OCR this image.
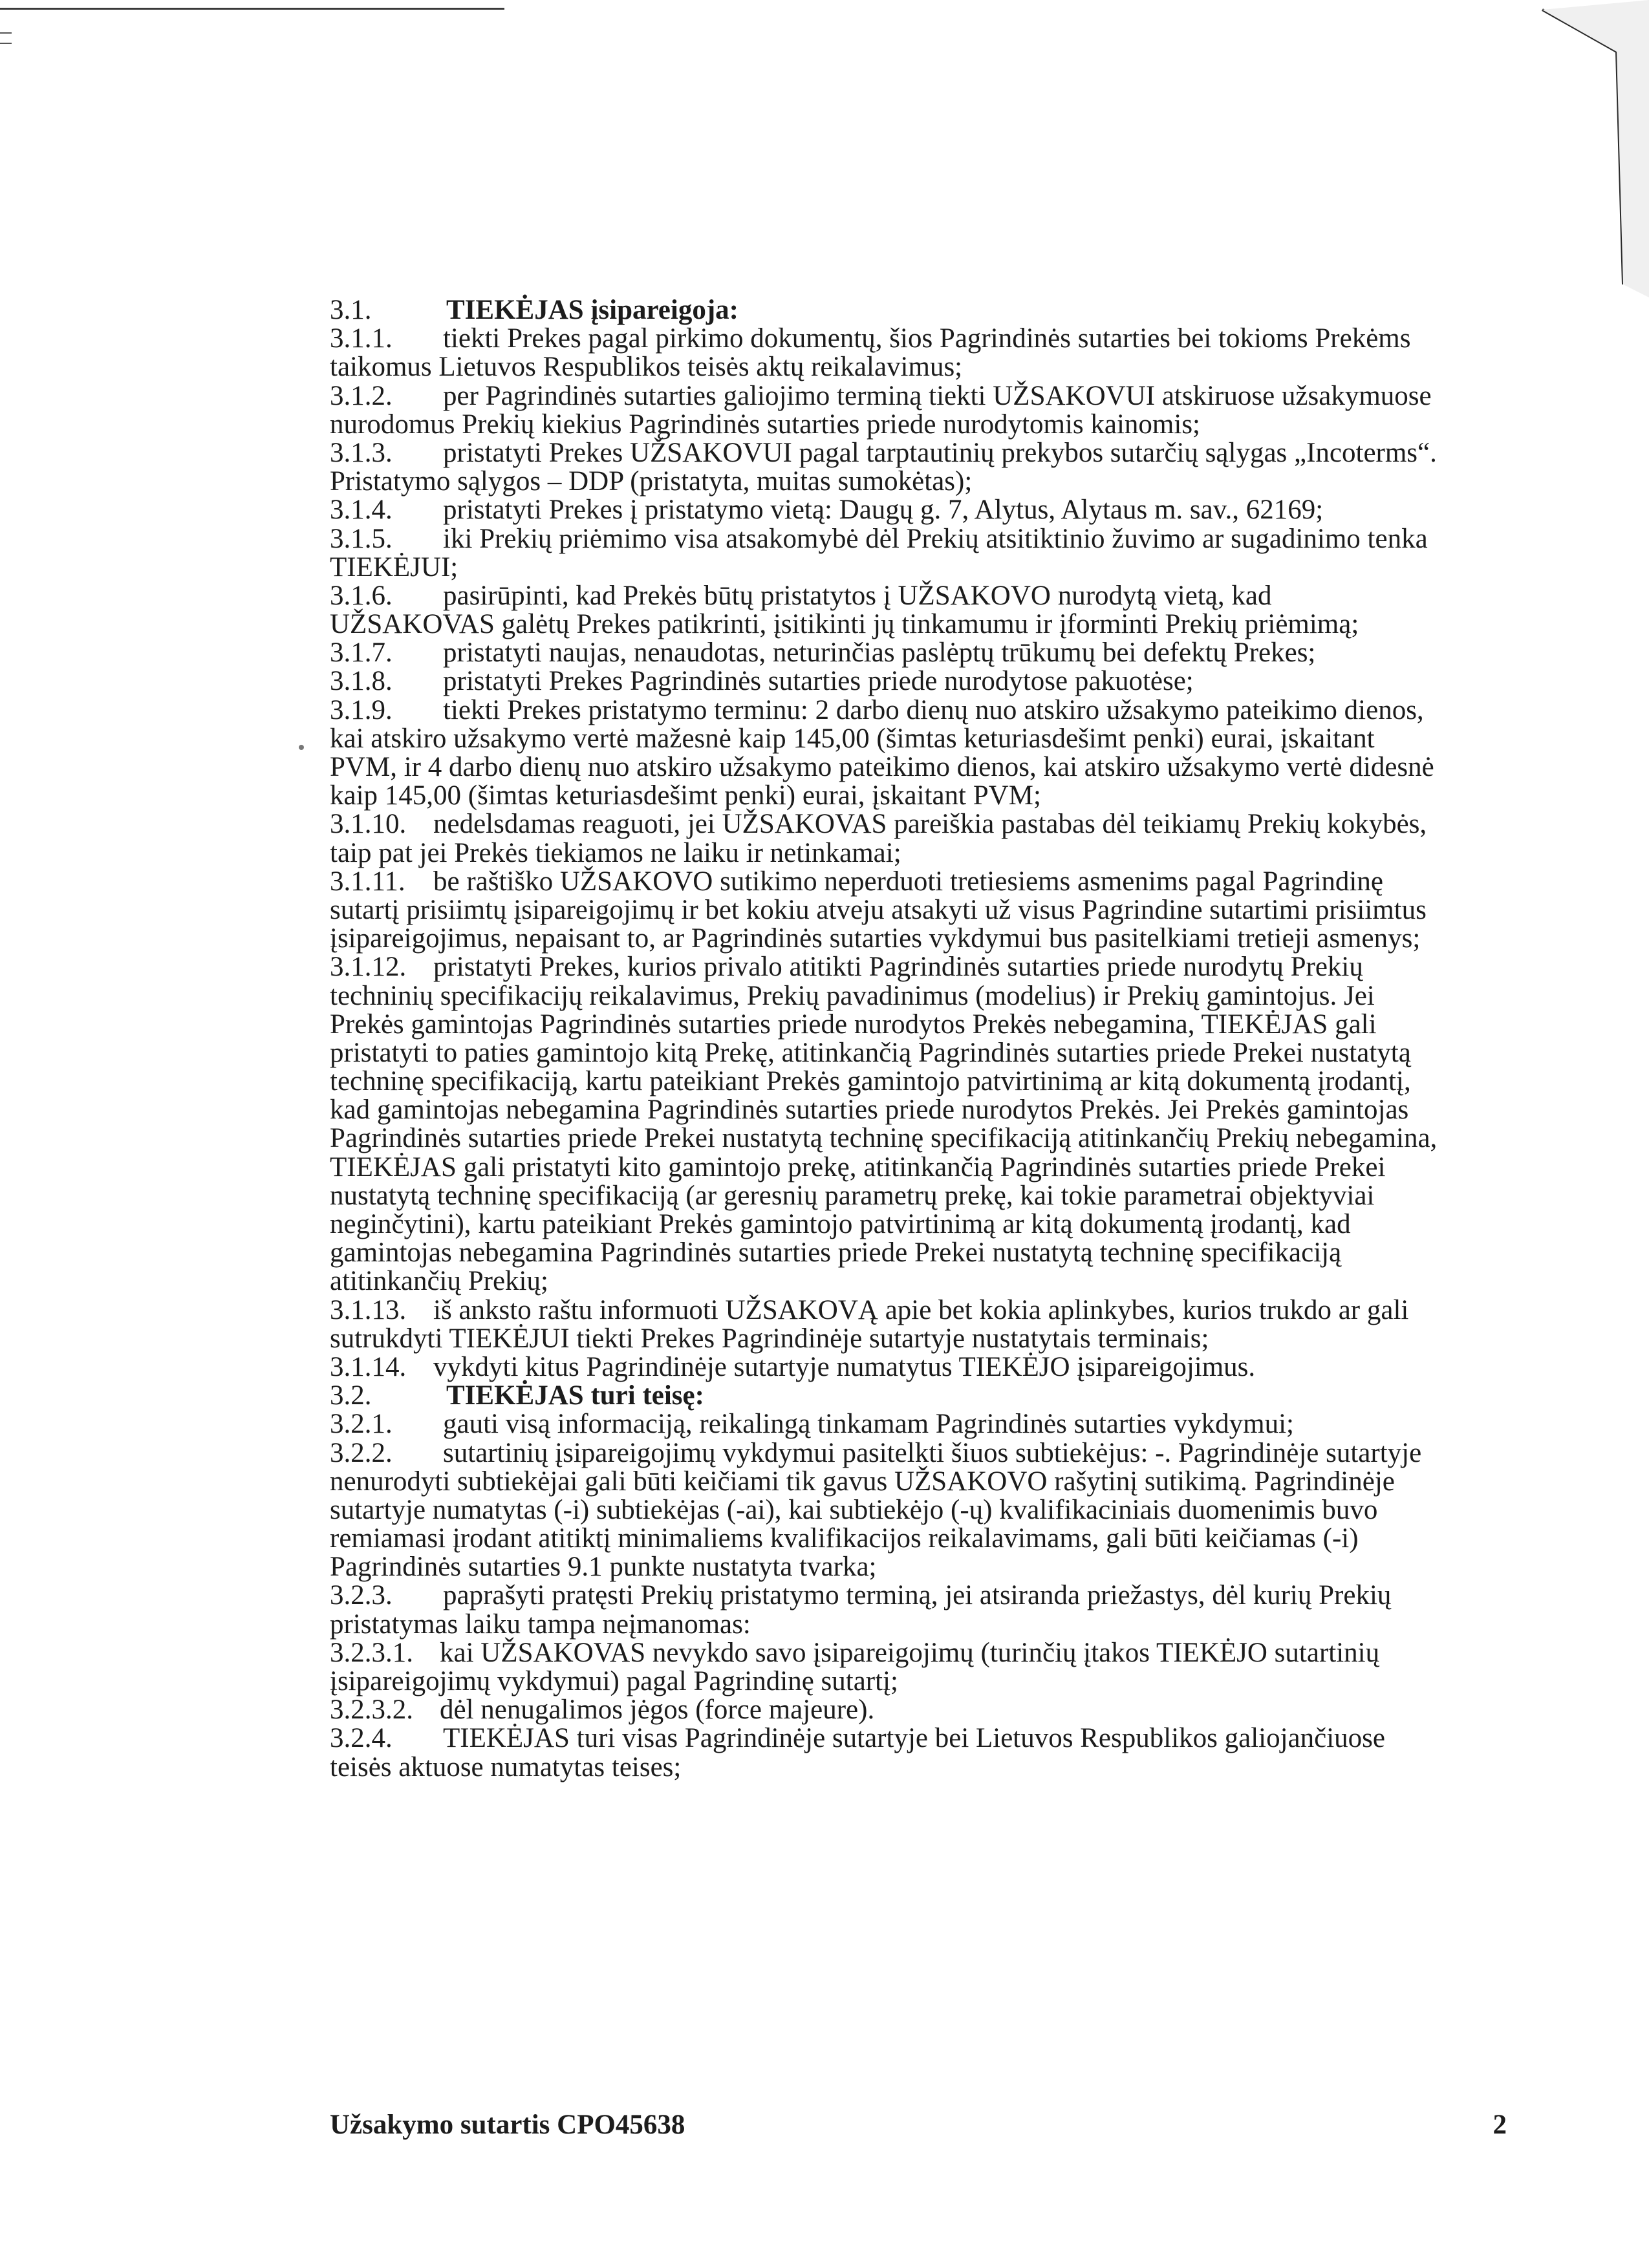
3.1.	TIEKĖJAS įsipareigoja:
3.1.1. tiekti Prekes pagal pirkimo dokumentų, šios Pagrindinės sutarties bei tokioms Prekėms
taikomus Lietuvos Respublikos teisės aktų reikalavimus;
3.1.2. per Pagrindinės sutarties galiojimo terminą tiekti UŽSAKOVUI atskiruose užsakymuose
nurodomus Prekių kiekius Pagrindinės sutarties priede nurodytomis kainomis;
3.1.3. pristatyti Prekes UŽSAKOVUI pagal tarptautinių prekybos sutarčių sąlygas „Incoterms“.
Pristatymo sąlygos – DDP (pristatyta, muitas sumokėtas);
3.1.4. pristatyti Prekes į pristatymo vietą: Daugų g. 7, Alytus, Alytaus m. sav., 62169;
3.1.5. iki Prekių priėmimo visa atsakomybė dėl Prekių atsitiktinio žuvimo ar sugadinimo tenka
TIEKĖJUI;
3.1.6. pasirūpinti, kad Prekės būtų pristatytos į UŽSAKOVO nurodytą vietą, kad
UŽSAKOVAS galėtų Prekes patikrinti, įsitikinti jų tinkamumu ir įforminti Prekių priėmimą;
3.1.7. pristatyti naujas, nenaudotas, neturinčias paslėptų trūkumų bei defektų Prekes;
3.1.8. pristatyti Prekes Pagrindinės sutarties priede nurodytose pakuotėse;
3.1.9. tiekti Prekes pristatymo terminu: 2 darbo dienų nuo atskiro užsakymo pateikimo dienos,
kai atskiro užsakymo vertė mažesnė kaip 145,00 (šimtas keturiasdešimt penki) eurai, įskaitant
PVM, ir 4 darbo dienų nuo atskiro užsakymo pateikimo dienos, kai atskiro užsakymo vertė didesnė
kaip 145,00 (šimtas keturiasdešimt penki) eurai, įskaitant PVM;
3.1.10. nedelsdamas reaguoti, jei UŽSAKOVAS pareiškia pastabas dėl teikiamų Prekių kokybės,
taip pat jei Prekės tiekiamos ne laiku ir netinkamai;
3.1.11. be raštiško UŽSAKOVO sutikimo neperduoti tretiesiems asmenims pagal Pagrindinę
sutartį prisiimtų įsipareigojimų ir bet kokiu atveju atsakyti už visus Pagrindine sutartimi prisiimtus
įsipareigojimus, nepaisant to, ar Pagrindinės sutarties vykdymui bus pasitelkiami tretieji asmenys;
3.1.12. pristatyti Prekes, kurios privalo atitikti Pagrindinės sutarties priede nurodytų Prekių
techninių specifikacijų reikalavimus, Prekių pavadinimus (modelius) ir Prekių gamintojus. Jei
Prekės gamintojas Pagrindinės sutarties priede nurodytos Prekės nebegamina, TIEKĖJAS gali
pristatyti to paties gamintojo kitą Prekę, atitinkančią Pagrindinės sutarties priede Prekei nustatytą
techninę specifikaciją, kartu pateikiant Prekės gamintojo patvirtinimą ar kitą dokumentą įrodantį,
kad gamintojas nebegamina Pagrindinės sutarties priede nurodytos Prekės. Jei Prekės gamintojas
Pagrindinės sutarties priede Prekei nustatytą techninę specifikaciją atitinkančių Prekių nebegamina,
TIEKĖJAS gali pristatyti kito gamintojo prekę, atitinkančią Pagrindinės sutarties priede Prekei
nustatytą techninę specifikaciją (ar geresnių parametrų prekę, kai tokie parametrai objektyviai
neginčytini), kartu pateikiant Prekės gamintojo patvirtinimą ar kitą dokumentą įrodantį, kad
gamintojas nebegamina Pagrindinės sutarties priede Prekei nustatytą techninę specifikaciją
atitinkančių Prekių;
3.1.13. iš anksto raštu informuoti UŽSAKOVĄ apie bet kokia aplinkybes, kurios trukdo ar gali
sutrukdyti TIEKĖJUI tiekti Prekes Pagrindinėje sutartyje nustatytais terminais;
3.1.14. vykdyti kitus Pagrindinėje sutartyje numatytus TIEKĖJO įsipareigojimus.
3.2.	TIEKĖJAS turi teisę:
3.2.1. gauti visą informaciją, reikalingą tinkamam Pagrindinės sutarties vykdymui;
3.2.2. sutartinių įsipareigojimų vykdymui pasitelkti šiuos subtiekėjus: -. Pagrindinėje sutartyje
nenurodyti subtiekėjai gali būti keičiami tik gavus UŽSAKOVO rašytinį sutikimą. Pagrindinėje
sutartyje numatytas (-i) subtiekėjas (-ai), kai subtiekėjo (-ų) kvalifikaciniais duomenimis buvo
remiamasi įrodant atitiktį minimaliems kvalifikacijos reikalavimams, gali būti keičiamas (-i)
Pagrindinės sutarties 9.1 punkte nustatyta tvarka;
3.2.3. paprašyti pratęsti Prekių pristatymo terminą, jei atsiranda priežastys, dėl kurių Prekių
pristatymas laiku tampa neįmanomas:
3.2.3.1. kai UŽSAKOVAS nevykdo savo įsipareigojimų (turinčių įtakos TIEKĖJO sutartinių
įsipareigojimų vykdymui) pagal Pagrindinę sutartį;
3.2.3.2. dėl nenugalimos jėgos (force majeure).
3.2.4. TIEKĖJAS turi visas Pagrindinėje sutartyje bei Lietuvos Respublikos galiojančiuose
teisės aktuose numatytas teises;
Užsakymo sutartis CPO45638	2
